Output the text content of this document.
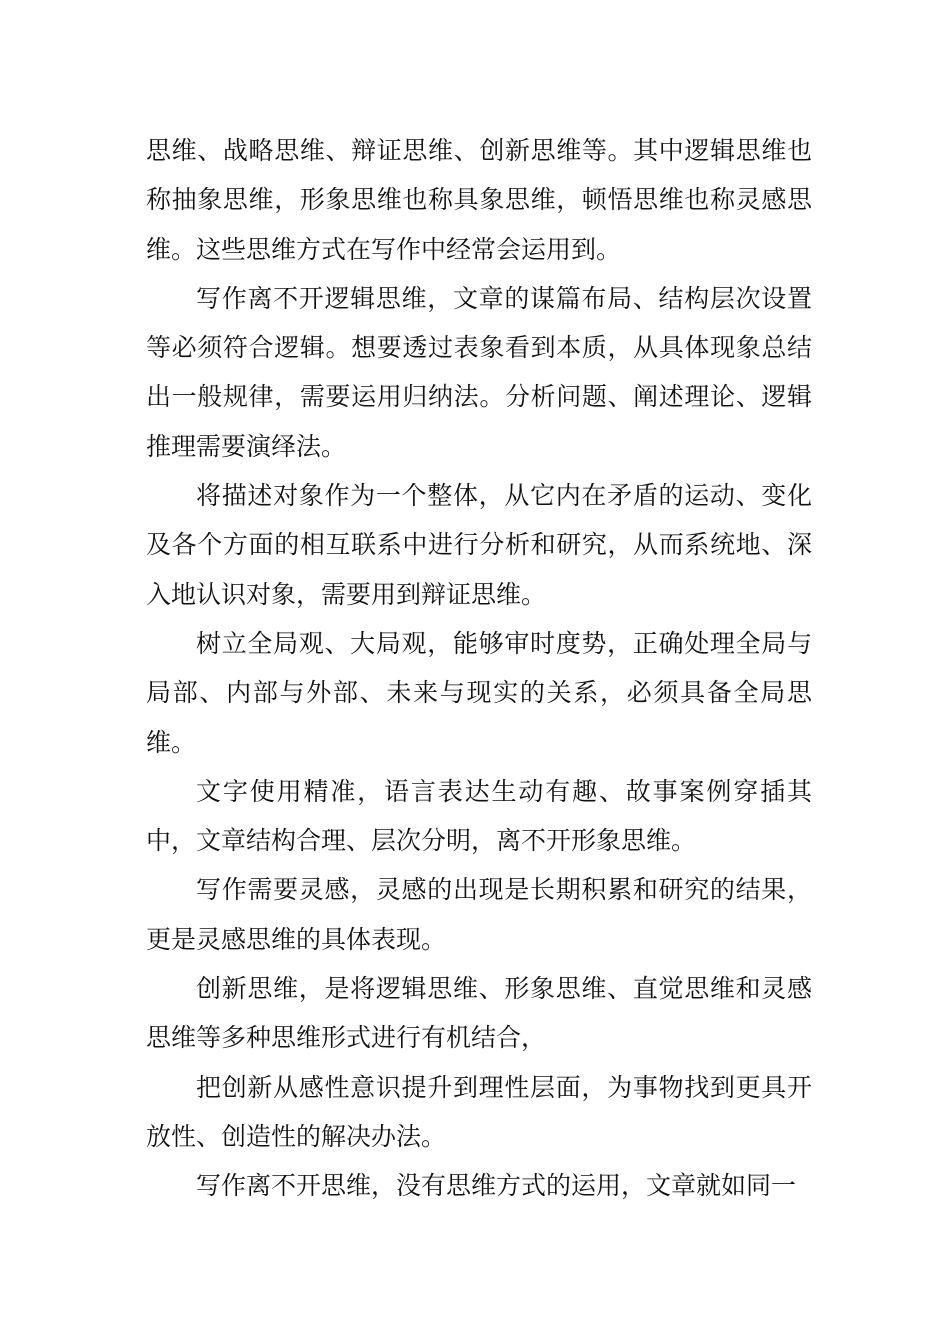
思维、战略思维、辩证思维、创新思维等。其中逻辑思维也称抽象思维，形象思维也称具象思维，顿悟思维也称灵感思维。这些思维方式在写作中经常会运用到。

写作离不开逻辑思维，文章的谋篇布局、结构层次设置等必须符合逻辑。想要透过表象看到本质，从具体现象总结出一般规律，需要运用归纳法。分析问题、阐述理论、逻辑推理需要演绎法。

将描述对象作为一个整体，从它内在矛盾的运动、变化及各个方面的相互联系中进行分析和研究，从而系统地、深入地认识对象，需要用到辩证思维。

树立全局观、大局观，能够审时度势，正确处理全局与局部、内部与外部、未来与现实的关系，必须具备全局思维。

文字使用精准，语言表达生动有趣、故事案例穿插其中，文章结构合理、层次分明，离不开形象思维。

写作需要灵感，灵感的出现是长期积累和研究的结果，更是灵感思维的具体表现。

创新思维，是将逻辑思维、形象思维、直觉思维和灵感思维等多种思维形式进行有机结合，

把创新从感性意识提升到理性层面，为事物找到更具开放性、创造性的解决办法。

写作离不开思维，没有思维方式的运用，文章就如同一
